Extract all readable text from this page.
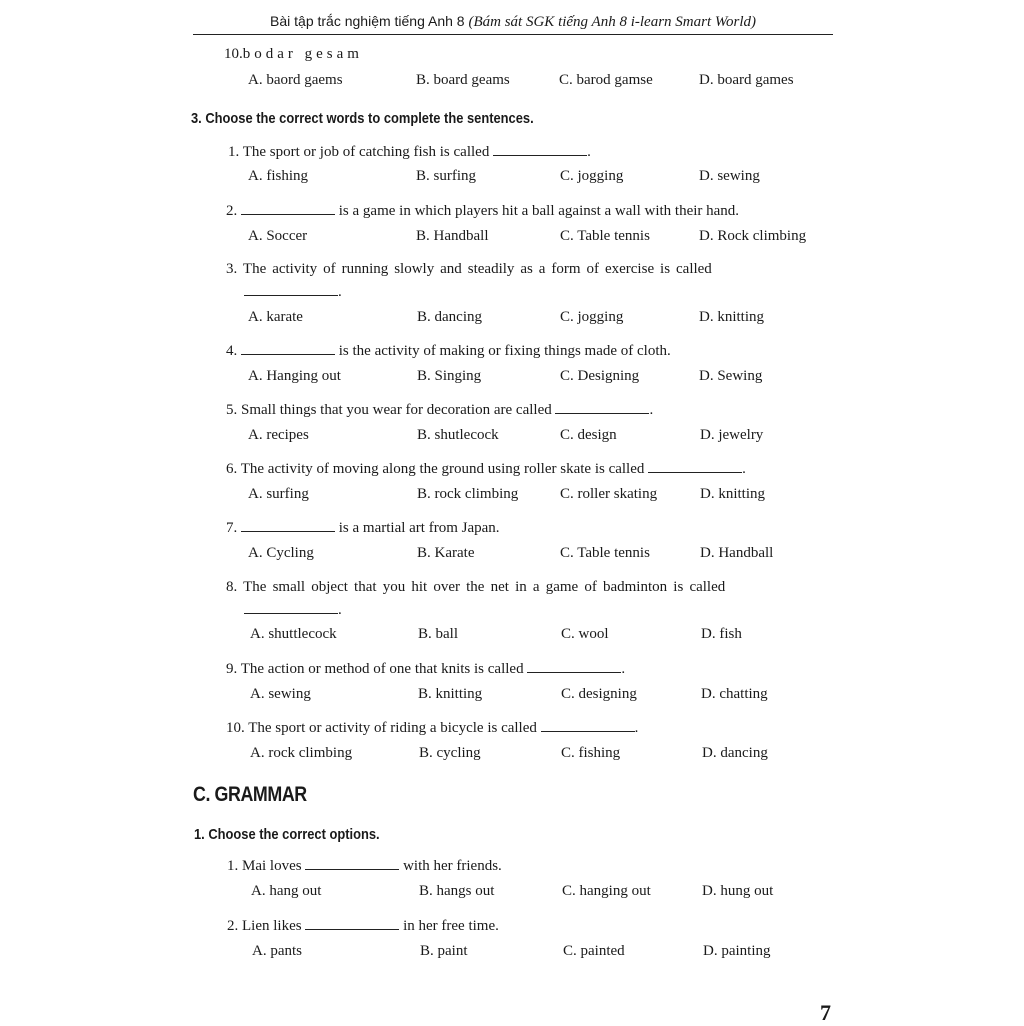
Bài tập trắc nghiệm tiếng Anh 8 (Bám sát SGK tiếng Anh 8 i-learn Smart World)
10.bodar gesam
A. baord gaems	B. board geams	C. barod gamse	D. board games
3. Choose the correct words to complete the sentences.
1. The sport or job of catching fish is called	.
A. fishing	B. surfing	C. jogging	D. sewing
2.	is a game in which players hit a ball against a wall with their hand.
A. Soccer	B. Handball	C. Table tennis	D. Rock climbing
3. The activity of running slowly and steadily as a form of exercise is called
.
A. karate	B. dancing	C. jogging	D. knitting
4.	is the activity of making or fixing things made of cloth.
A. Hanging out	B. Singing	C. Designing	D. Sewing
5. Small things that you wear for decoration are called	.
A. recipes	B. shutlecock	C. design	D. jewelry
6. The activity of moving along the ground using roller skate is called	.
A. surfing	B. rock climbing	C. roller skating	D. knitting
7.	is a martial art from Japan.
A. Cycling	B. Karate	C. Table tennis	D. Handball
8. The small object that you hit over the net in a game of badminton is called
.
A. shuttlecock	B. ball	C. wool	D. fish
9. The action or method of one that knits is called	.
A. sewing	B. knitting	C. designing	D. chatting
10. The sport or activity of riding a bicycle is called	.
A. rock climbing	B. cycling	C. fishing	D. dancing
C. GRAMMAR
1. Choose the correct options.
1. Mai loves	with her friends.
A. hang out	B. hangs out	C. hanging out	D. hung out
2. Lien likes	in her free time.
A. pants	B. paint	C. painted	D. painting
7
